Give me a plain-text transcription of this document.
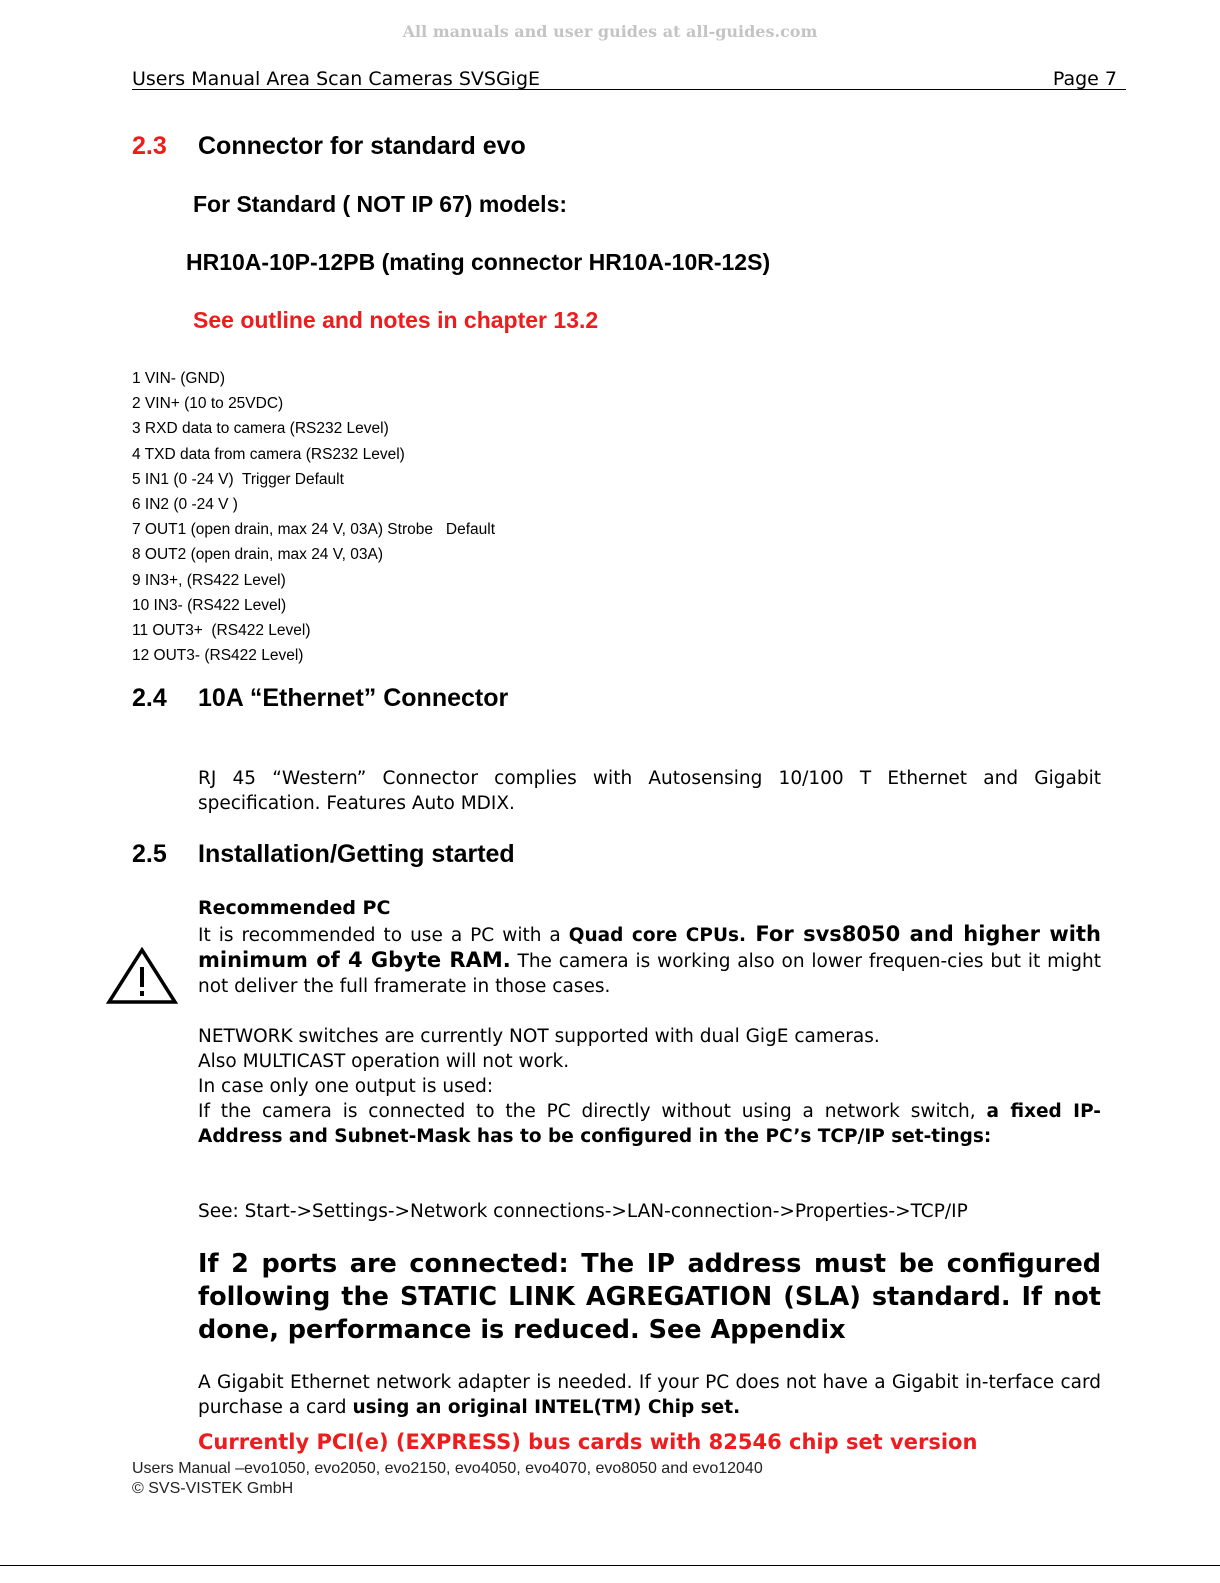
All manuals and user guides at all-guides.com
Users Manual Area Scan Cameras SVSGigE	Page 7
2.3 Connector for standard evo
For Standard ( NOT IP 67) models:
HR10A-10P-12PB (mating connector HR10A-10R-12S)
See outline and notes in chapter 13.2
1 VIN- (GND)
2 VIN+ (10 to 25VDC)
3 RXD data to camera (RS232 Level)
4 TXD data from camera (RS232 Level)
5 IN1 (0 -24 V)  Trigger Default
6 IN2 (0 -24 V )
7 OUT1 (open drain, max 24 V, 03A) Strobe   Default
8 OUT2 (open drain, max 24 V, 03A)
9 IN3+, (RS422 Level)
10 IN3- (RS422 Level)
11 OUT3+  (RS422 Level)
12 OUT3- (RS422 Level)
2.4 10A “Ethernet” Connector
RJ 45 “Western” Connector complies with Autosensing 10/100 T Ethernet and Gigabit specification. Features Auto MDIX.
2.5 Installation/Getting started
Recommended PC
It is recommended to use a PC with a Quad core CPUs. For svs8050 and higher with minimum of 4 Gbyte RAM. The camera is working also on lower frequen-cies but it might not deliver the full framerate in those cases.
NETWORK switches are currently NOT supported with dual GigE cameras.
Also MULTICAST operation will not work.
In case only one output is used:
If the camera is connected to the PC directly without using a network switch, a fixed IP-Address and Subnet-Mask has to be configured in the PC’s TCP/IP set-tings:
See: Start->Settings->Network connections->LAN-connection->Properties->TCP/IP
If 2 ports are connected: The IP address must be configured following the STATIC LINK AGREGATION (SLA) standard. If not done, performance is reduced. See Appendix
A Gigabit Ethernet network adapter is needed. If your PC does not have a Gigabit in-terface card purchase a card using an original INTEL(TM) Chip set.
Currently PCI(e) (EXPRESS) bus cards with 82546 chip set version
Users Manual –evo1050, evo2050, evo2150, evo4050, evo4070, evo8050 and evo12040
© SVS-VISTEK GmbH
